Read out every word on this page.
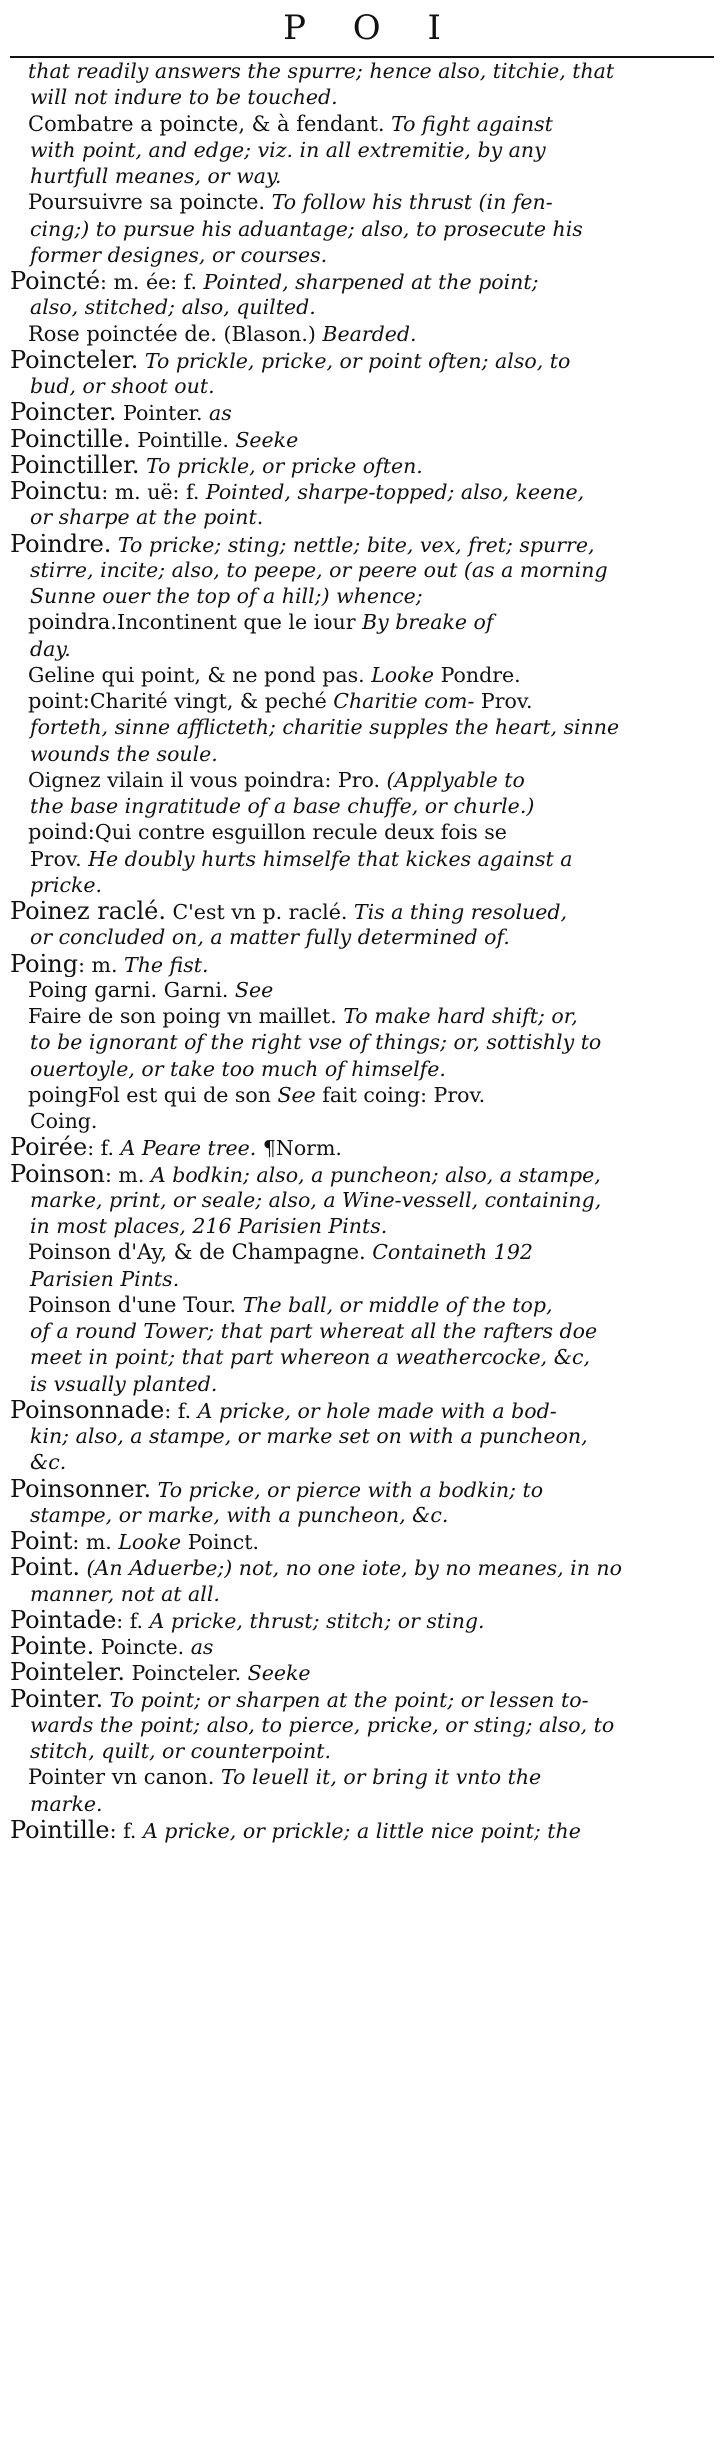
P O I
that readily answers the spurre; hence also, titchie, that
will not indure to be touched.
Combatre a poincte, & à fendant. To fight against
with point, and edge; viz. in all extremitie, by any
hurtfull meanes, or way.
Poursuivre sa poincte. To follow his thrust (in fen-
cing;) to pursue his aduantage; also, to prosecute his
former designes, or courses.
Poincté: m. ée: f. Pointed, sharpened at the point;
also, stitched; also, quilted.
Rose poinctée de. (Blason.) Bearded.
Poincteler. To prickle, pricke, or point often; also, to
bud, or shoot out.
Poincter. Pointer. as
Poinctille. Pointille. Seeke
Poinctiller. To prickle, or pricke often.
Poinctu: m. uë: f. Pointed, sharpe-topped; also, keene,
or sharpe at the point.
Poindre. To pricke; sting; nettle; bite, vex, fret; spurre,
stirre, incite; also, to peepe, or peere out (as a morning
Sunne ouer the top of a hill;) whence;
poindra.Incontinent que le iour By breake of
day.
Geline qui point, & ne pond pas. Looke Pondre.
point:Charité vingt, & peché Charitie com- Prov.
forteth, sinne afflicteth; charitie supples the heart, sinne
wounds the soule.
Oignez vilain il vous poindra: Pro. (Applyable to
the base ingratitude of a base chuffe, or churle.)
poind:Qui contre esguillon recule deux fois se
Prov. He doubly hurts himselfe that kickes against a
pricke.
Poinez raclé. C'est vn p. raclé. Tis a thing resolued,
or concluded on, a matter fully determined of.
Poing: m. The fist.
Poing garni. Garni. See
Faire de son poing vn maillet. To make hard shift; or,
to be ignorant of the right vse of things; or, sottishly to
ouertoyle, or take too much of himselfe.
poingFol est qui de son See fait coing: Prov.
Coing.
Poirée: f. A Peare tree. ¶Norm.
Poinson: m. A bodkin; also, a puncheon; also, a stampe,
marke, print, or seale; also, a Wine-vessell, containing,
in most places, 216 Parisien Pints.
Poinson d'Ay, & de Champagne. Containeth 192
Parisien Pints.
Poinson d'une Tour. The ball, or middle of the top,
of a round Tower; that part whereat all the rafters doe
meet in point; that part whereon a weathercocke, &c,
is vsually planted.
Poinsonnade: f. A pricke, or hole made with a bod-
kin; also, a stampe, or marke set on with a puncheon,
&c.
Poinsonner. To pricke, or pierce with a bodkin; to
stampe, or marke, with a puncheon, &c.
Point: m. Looke Poinct.
Point. (An Aduerbe;) not, no one iote, by no meanes, in no
manner, not at all.
Pointade: f. A pricke, thrust; stitch; or sting.
Pointe. Poincte. as
Pointeler. Poincteler. Seeke
Pointer. To point; or sharpen at the point; or lessen to-
wards the point; also, to pierce, pricke, or sting; also, to
stitch, quilt, or counterpoint.
Pointer vn canon. To leuell it, or bring it vnto the
marke.
Pointille: f. A pricke, or prickle; a little nice point; the
